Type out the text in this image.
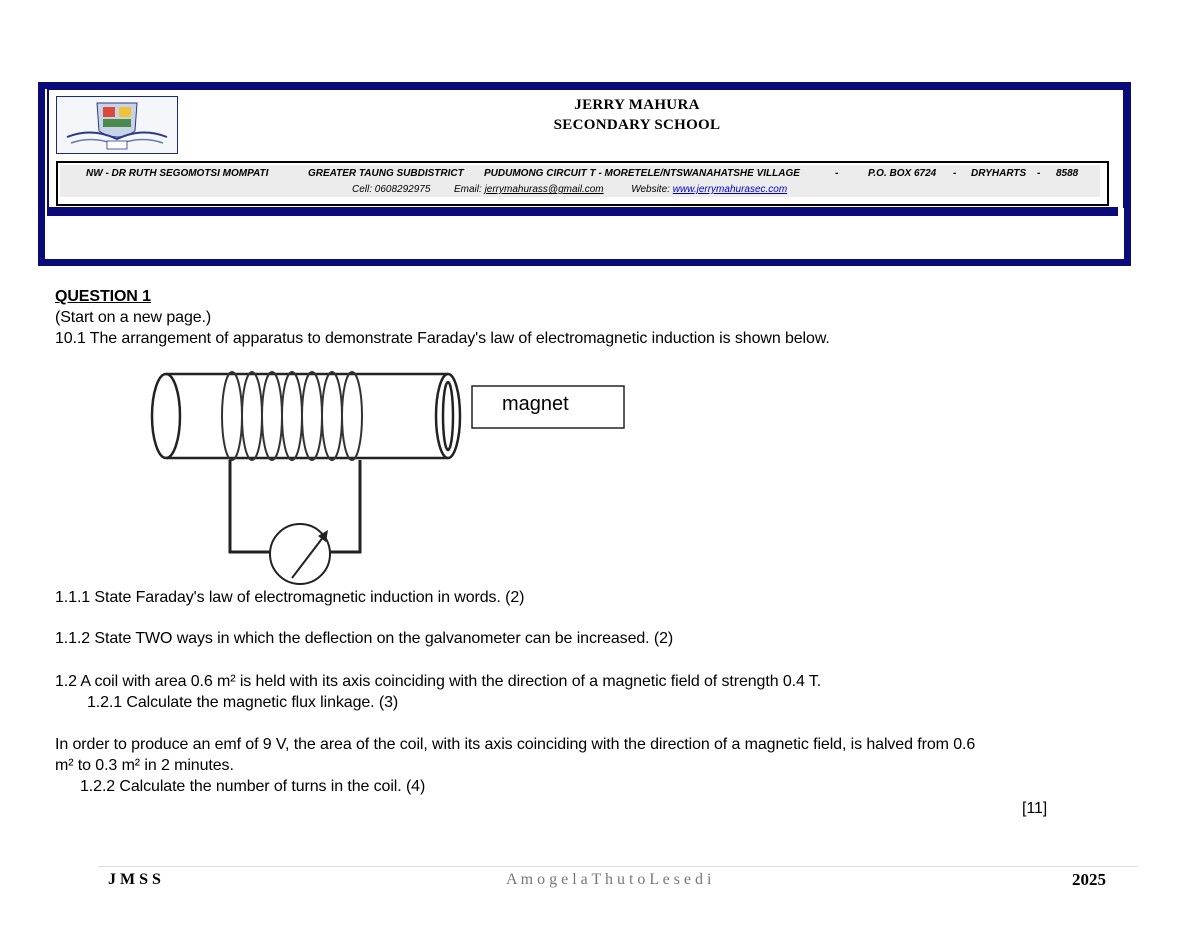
JERRY MAHURA
SECONDARY SCHOOL
NW - DR RUTH SEGOMOTSI MOMPATI	GREATER TAUNG SUBDISTRICT PUDUMONG CIRCUIT T - MORETELE/NTSWANAHATSHE VILLAGE	-	P.O. BOX 6724 - DRYHARTS - 8588
Cell: 0608292975 Email: jerrymahurass@gmail.com	Website: www.jerrymahurasec.com
QUESTION 1
(Start on a new page.)
10.1 The arrangement of apparatus to demonstrate Faraday's law of electromagnetic induction is shown below.
magnet
1.1.1 State Faraday's law of electromagnetic induction in words. (2)
1.1.2 State TWO ways in which the deflection on the galvanometer can be increased. (2)
1.2 A coil with area 0.6 m² is held with its axis coinciding with the direction of a magnetic field of strength 0.4 T.
1.2.1 Calculate the magnetic flux linkage. (3)
In order to produce an emf of 9 V, the area of the coil, with its axis coinciding with the direction of a magnetic field, is halved from 0.6
m² to 0.3 m² in 2 minutes.
1.2.2 Calculate the number of turns in the coil. (4)
[11]
J M S S	A m o g e l a T h u t o L e s e d i	2025
